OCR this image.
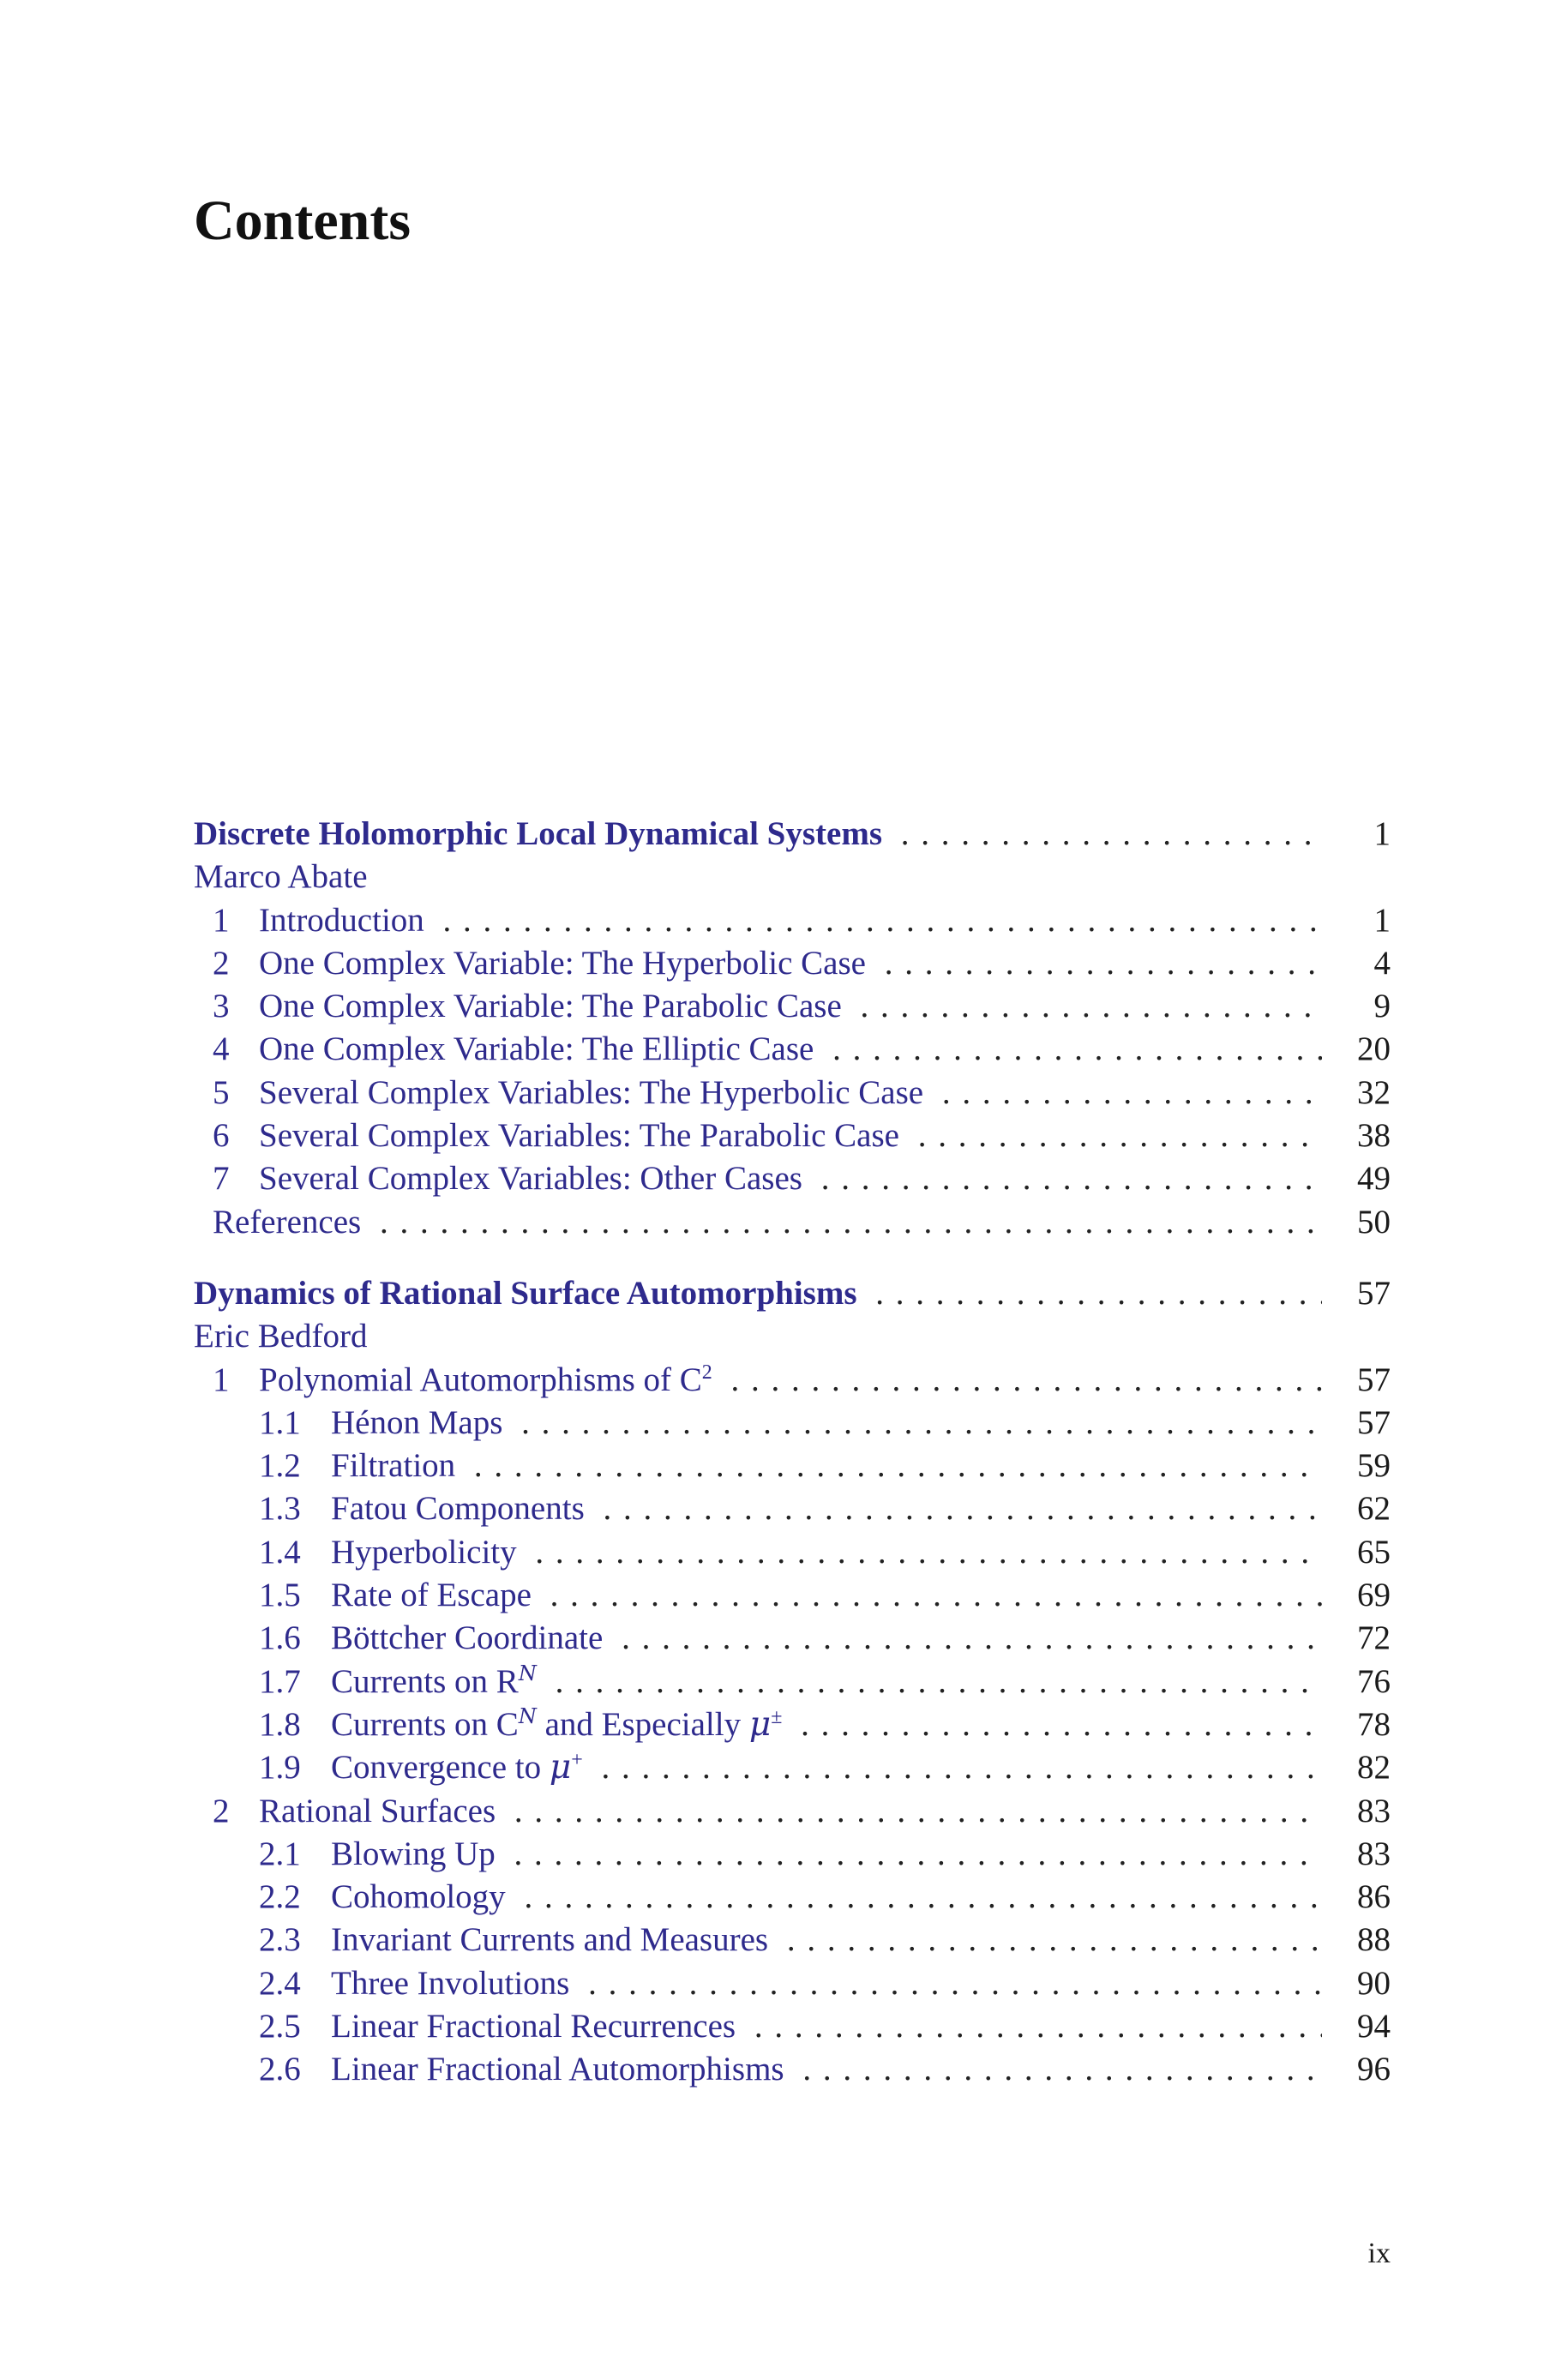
Contents
Discrete Holomorphic Local Dynamical Systems . . .	1
Marco Abate
1 Introduction . . .	1
2 One Complex Variable: The Hyperbolic Case . . .	4
3 One Complex Variable: The Parabolic Case . . .	9
4 One Complex Variable: The Elliptic Case . . .	20
5 Several Complex Variables: The Hyperbolic Case . . .	32
6 Several Complex Variables: The Parabolic Case . . .	38
7 Several Complex Variables: Other Cases . . .	49
References . . .	50
Dynamics of Rational Surface Automorphisms . . .	57
Eric Bedford
1 Polynomial Automorphisms of $C^2$ . . .	57
1.1 Hénon Maps . . .	57
1.2 Filtration . . .	59
1.3 Fatou Components . . .	62
1.4 Hyperbolicity . . .	65
1.5 Rate of Escape . . .	69
1.6 Böttcher Coordinate . . .	72
1.7 Currents on $R^N$ . . .	76
1.8 Currents on $C^N$ and Especially μ± . . .	78
1.9 Convergence to μ+ . . .	82
2 Rational Surfaces . . .	83
2.1 Blowing Up . . .	83
2.2 Cohomology . . .	86
2.3 Invariant Currents and Measures . . .	88
2.4 Three Involutions . . .	90
2.5 Linear Fractional Recurrences . . .	94
2.6 Linear Fractional Automorphisms . . .	96
ix
